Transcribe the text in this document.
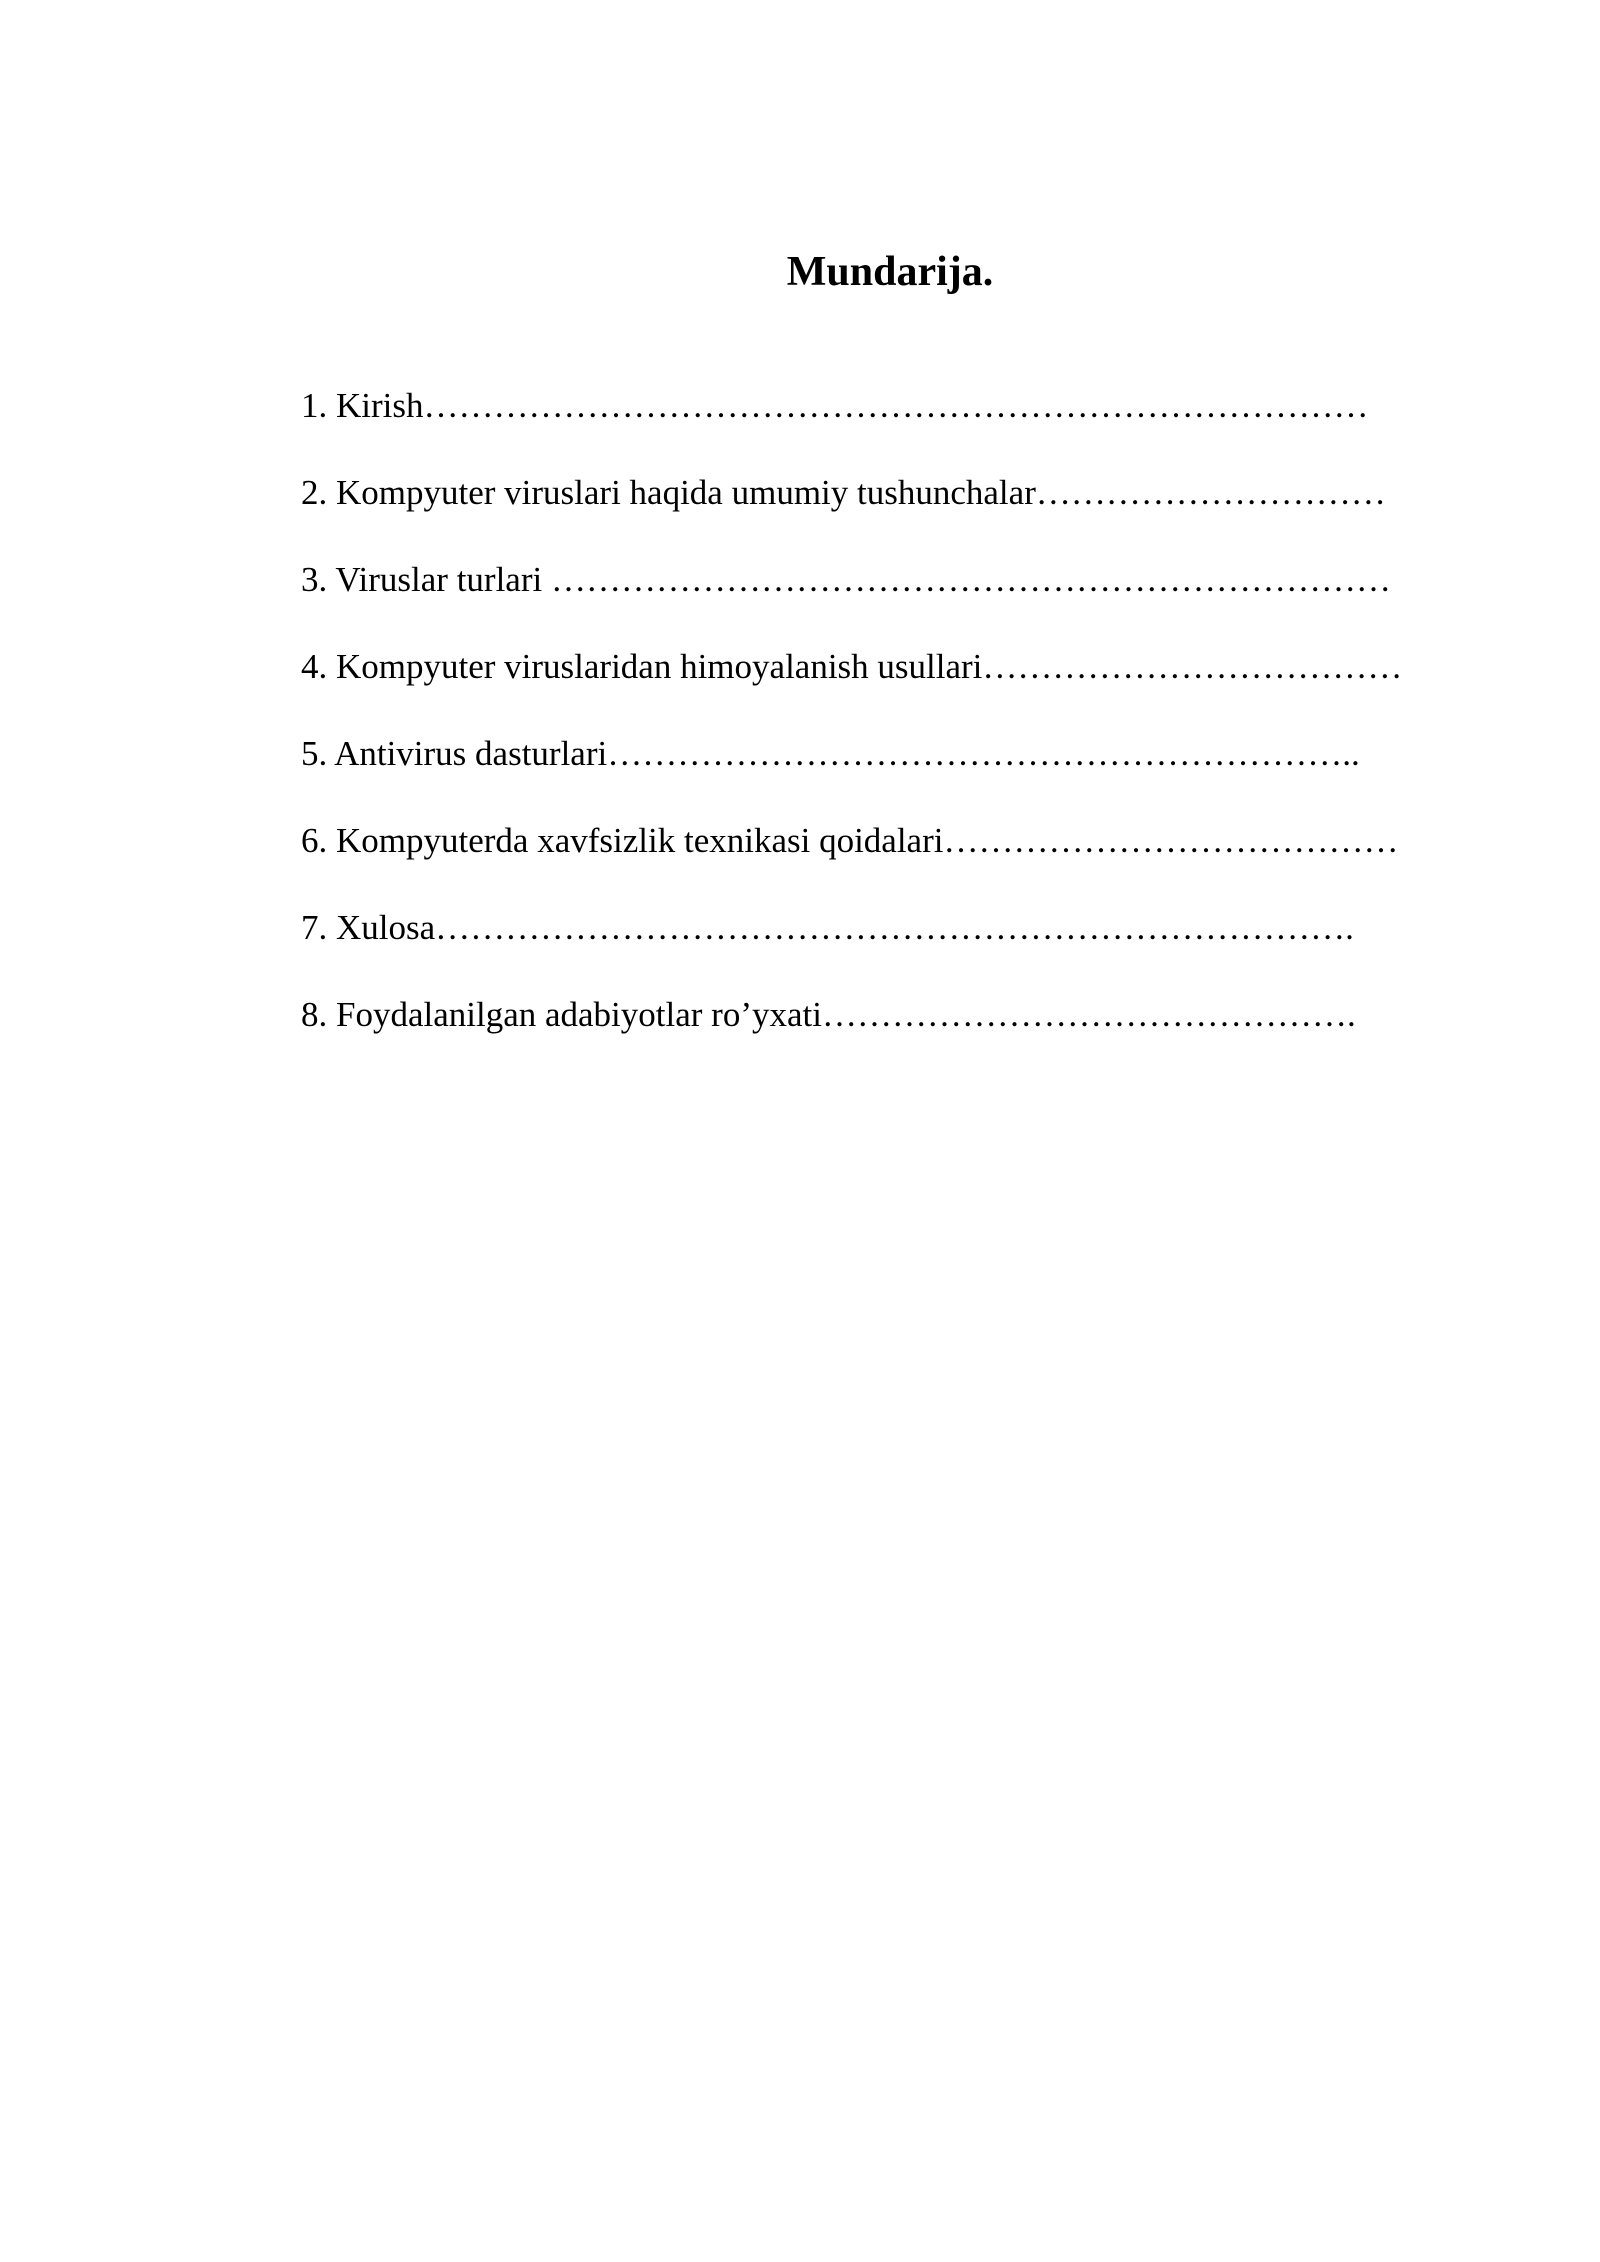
Mundarija.
1. Kirish………………………………………………………………………
2. Kompyuter viruslari haqida umumiy tushunchalar…………………………
3. Viruslar turlari ………………………………………………………………
4. Kompyuter viruslaridan himoyalanish usullari………………………………
5. Antivirus dasturlari………………………………………………………..
6. Kompyuterda xavfsizlik texnikasi qoidalari…………………………………
7. Xulosa…………………………………………………………………….
8. Foydalanilgan adabiyotlar ro’yxati……………………………………….
